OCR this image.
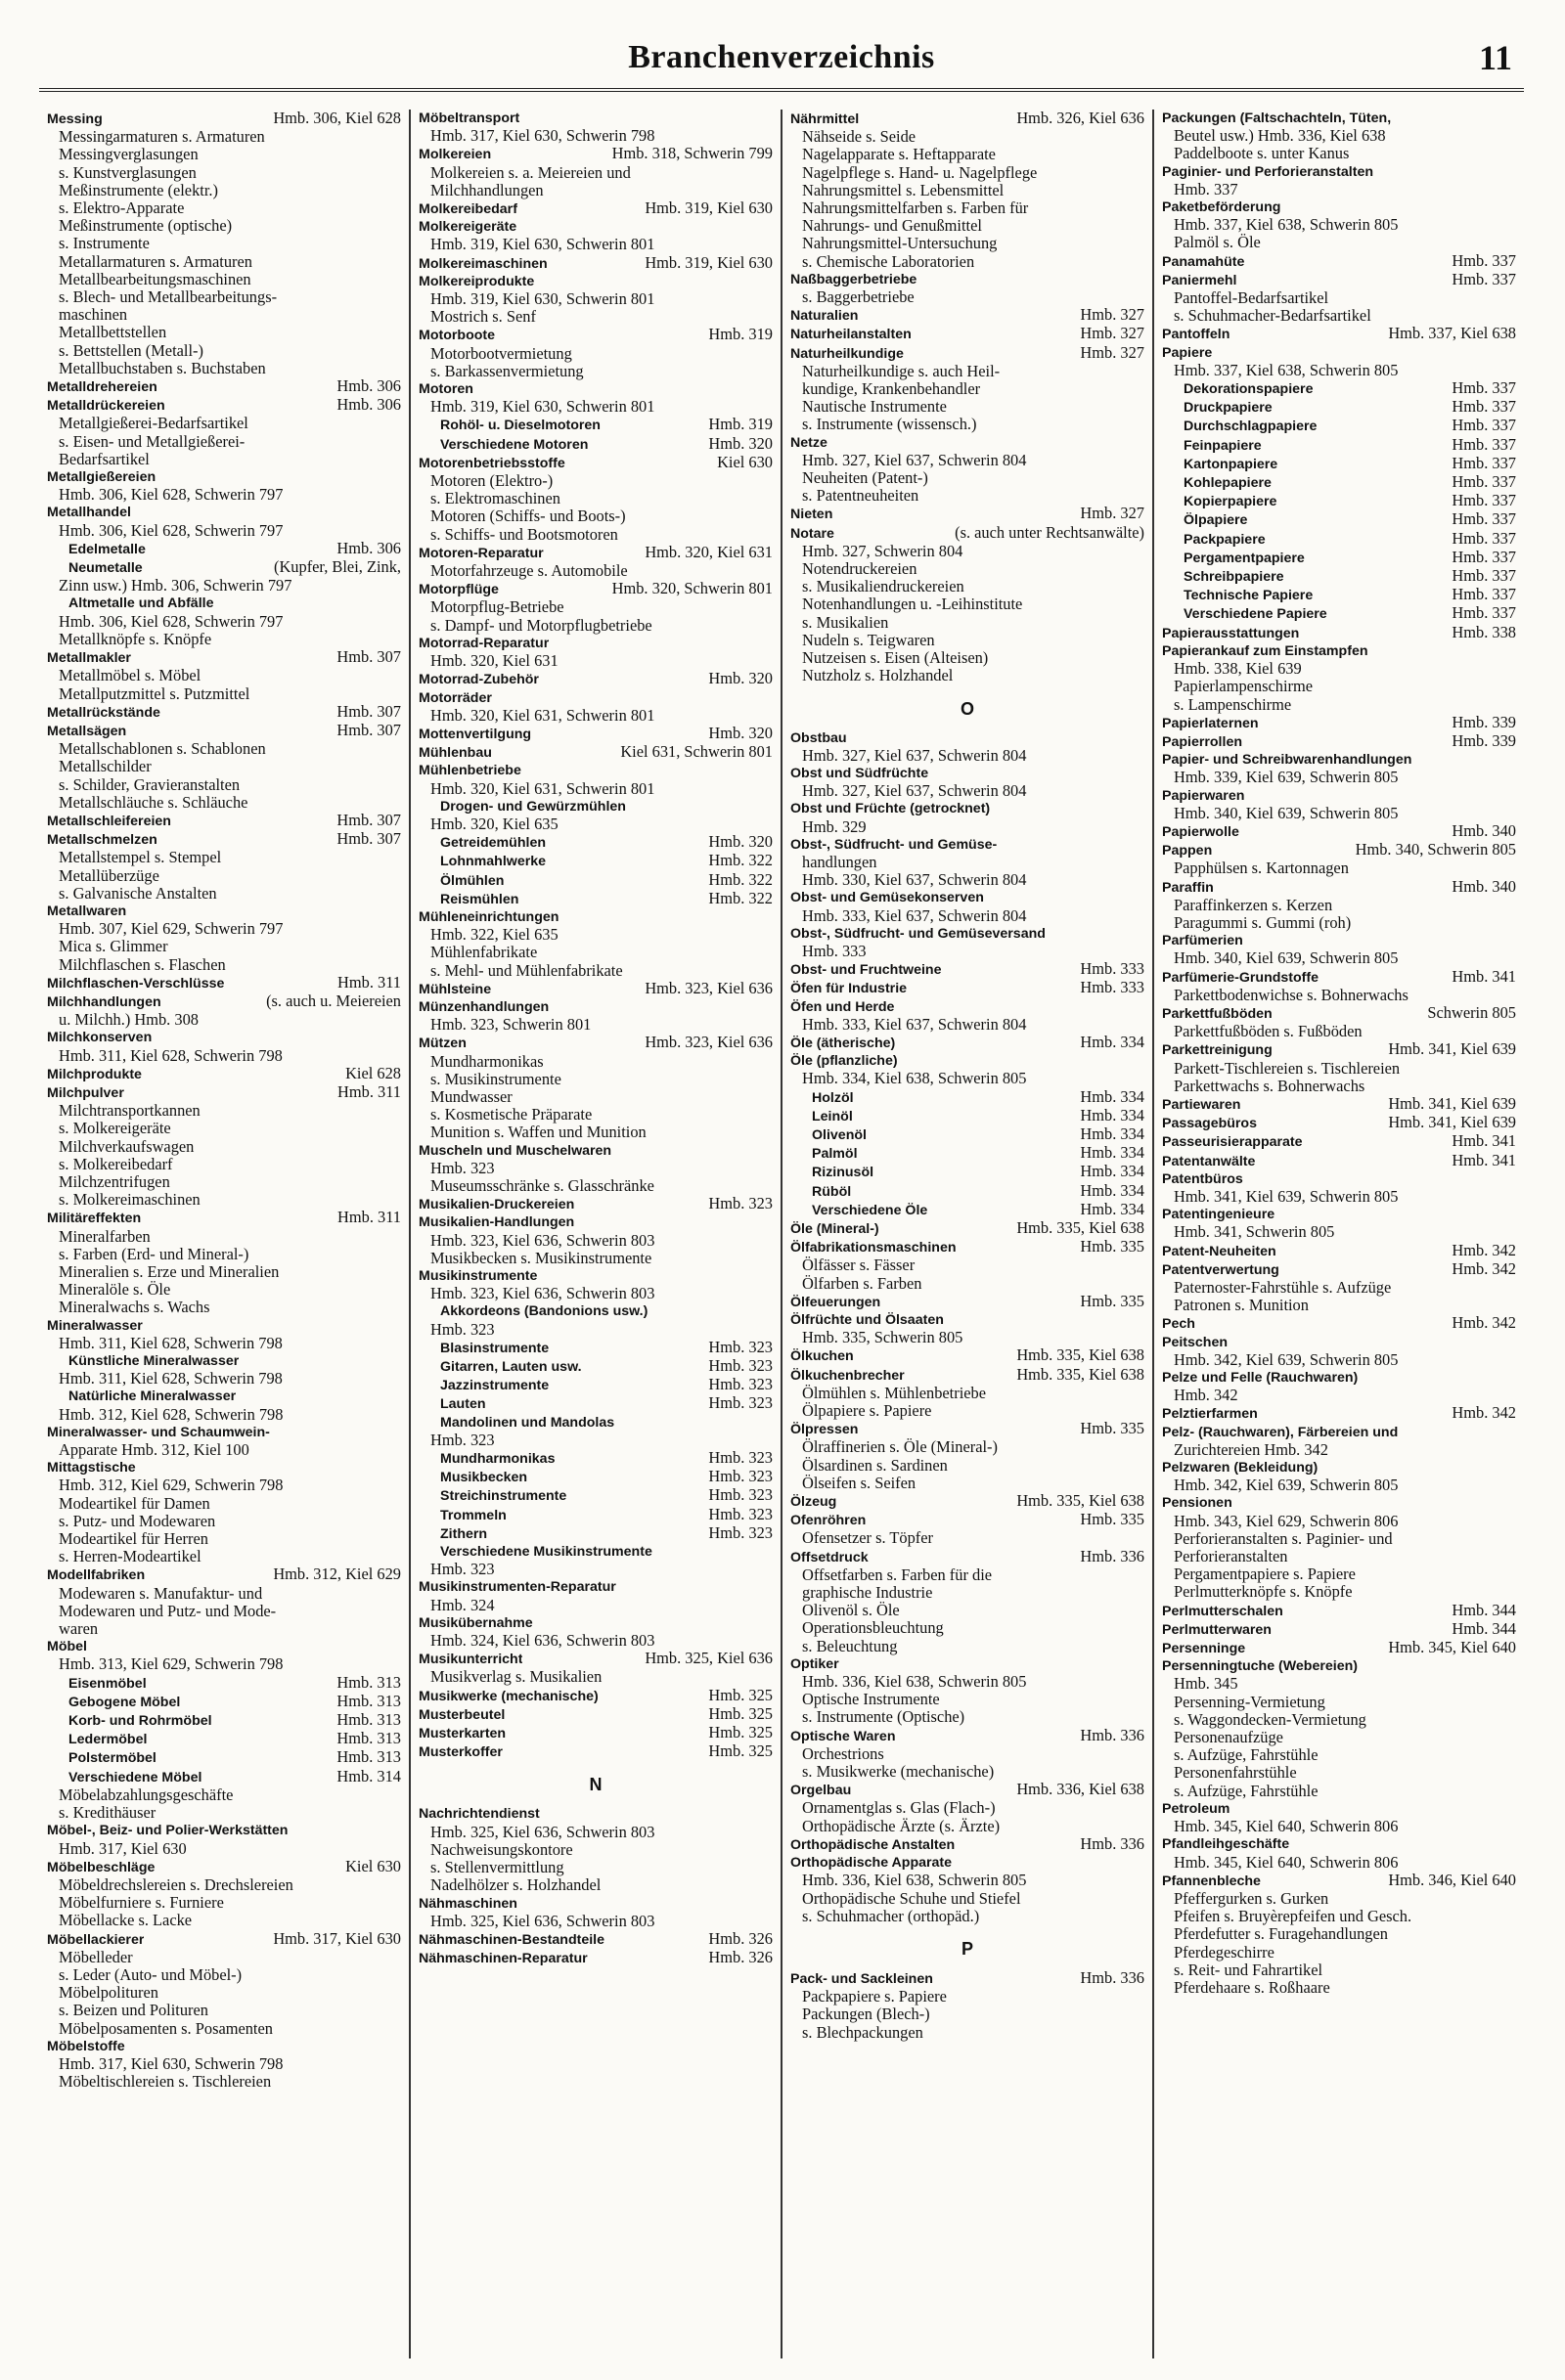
Branchenverzeichnis	11
Messing	Hmb. 306, Kiel 628
Messingarmaturen s. Armaturen
Messingverglasungen
s. Kunstverglasungen
Meßinstrumente (elektr.)
s. Elektro-Apparate
Meßinstrumente (optische)
s. Instrumente
Metallarmaturen s. Armaturen
Metallbearbeitungsmaschinen
s. Blech- und Metallbearbeitungs-
maschinen
Metallbettstellen
s. Bettstellen (Metall-)
Metallbuchstaben s. Buchstaben
Metalldrehereien	Hmb. 306
Metalldrückereien	Hmb. 306
Metallgießerei-Bedarfsartikel
s. Eisen- und Metallgießerei-
Bedarfsartikel
Metallgießereien
Hmb. 306, Kiel 628, Schwerin 797
Metallhandel
Hmb. 306, Kiel 628, Schwerin 797
Edelmetalle	Hmb. 306
Neumetalle	(Kupfer, Blei, Zink,
Zinn usw.) Hmb. 306, Schwerin 797
Altmetalle und Abfälle
Hmb. 306, Kiel 628, Schwerin 797
Metallknöpfe s. Knöpfe
Metallmakler	Hmb. 307
Metallmöbel s. Möbel
Metallputzmittel s. Putzmittel
Metallrückstände	Hmb. 307
Metallsägen	Hmb. 307
Metallschablonen s. Schablonen
Metallschilder
s. Schilder, Gravieranstalten
Metallschläuche s. Schläuche
Metallschleifereien	Hmb. 307
Metallschmelzen	Hmb. 307
Metallstempel s. Stempel
Metallüberzüge
s. Galvanische Anstalten
Metallwaren
Hmb. 307, Kiel 629, Schwerin 797
Mica s. Glimmer
Milchflaschen s. Flaschen
Milchflaschen-Verschlüsse	Hmb. 311
Milchhandlungen	(s. auch u. Meiereien
u. Milchh.) Hmb. 308
Milchkonserven
Hmb. 311, Kiel 628, Schwerin 798
Milchprodukte	Kiel 628
Milchpulver	Hmb. 311
Milchtransportkannen
s. Molkereigeräte
Milchverkaufswagen
s. Molkereibedarf
Milchzentrifugen
s. Molkereimaschinen
Militäreffekten	Hmb. 311
Mineralfarben
s. Farben (Erd- und Mineral-)
Mineralien s. Erze und Mineralien
Mineralöle s. Öle
Mineralwachs s. Wachs
Mineralwasser
Hmb. 311, Kiel 628, Schwerin 798
Künstliche Mineralwasser
Hmb. 311, Kiel 628, Schwerin 798
Natürliche Mineralwasser
Hmb. 312, Kiel 628, Schwerin 798
Mineralwasser- und Schaumwein-
Apparate Hmb. 312, Kiel 100
Mittagstische
Hmb. 312, Kiel 629, Schwerin 798
Modeartikel für Damen
s. Putz- und Modewaren
Modeartikel für Herren
s. Herren-Modeartikel
Modellfabriken	Hmb. 312, Kiel 629
Modewaren s. Manufaktur- und
Modewaren und Putz- und Mode-
waren
Möbel
Hmb. 313, Kiel 629, Schwerin 798
Eisenmöbel	Hmb. 313
Gebogene Möbel	Hmb. 313
Korb- und Rohrmöbel	Hmb. 313
Ledermöbel	Hmb. 313
Polstermöbel	Hmb. 313
Verschiedene Möbel	Hmb. 314
Möbelabzahlungsgeschäfte
s. Kredithäuser
Möbel-, Beiz- und Polier-Werkstätten
Hmb. 317, Kiel 630
Möbelbeschläge	Kiel 630
Möbeldrechslereien s. Drechslereien
Möbelfurniere s. Furniere
Möbellacke s. Lacke
Möbellackierer	Hmb. 317, Kiel 630
Möbelleder
s. Leder (Auto- und Möbel-)
Möbelpolituren
s. Beizen und Polituren
Möbelposamenten s. Posamenten
Möbelstoffe
Hmb. 317, Kiel 630, Schwerin 798
Möbeltischlereien s. Tischlereien
Möbeltransport
Hmb. 317, Kiel 630, Schwerin 798
Molkereien	Hmb. 318, Schwerin 799
Molkereien s. a. Meiereien und
Milchhandlungen
Molkereibedarf	Hmb. 319, Kiel 630
Molkereigeräte
Hmb. 319, Kiel 630, Schwerin 801
Molkereimaschinen	Hmb. 319, Kiel 630
Molkereiprodukte
Hmb. 319, Kiel 630, Schwerin 801
Mostrich s. Senf
Motorboote	Hmb. 319
Motorbootvermietung
s. Barkassenvermietung
Motoren
Hmb. 319, Kiel 630, Schwerin 801
Rohöl- u. Dieselmotoren	Hmb. 319
Verschiedene Motoren	Hmb. 320
Motorenbetriebsstoffe	Kiel 630
Motoren (Elektro-)
s. Elektromaschinen
Motoren (Schiffs- und Boots-)
s. Schiffs- und Bootsmotoren
Motoren-Reparatur	Hmb. 320, Kiel 631
Motorfahrzeuge s. Automobile
Motorpflüge	Hmb. 320, Schwerin 801
Motorpflug-Betriebe
s. Dampf- und Motorpflugbetriebe
Motorrad-Reparatur
Hmb. 320, Kiel 631
Motorrad-Zubehör	Hmb. 320
Motorräder
Hmb. 320, Kiel 631, Schwerin 801
Mottenvertilgung	Hmb. 320
Mühlenbau	Kiel 631, Schwerin 801
Mühlenbetriebe
Hmb. 320, Kiel 631, Schwerin 801
Drogen- und Gewürzmühlen
Hmb. 320, Kiel 635
Getreidemühlen	Hmb. 320
Lohnmahlwerke	Hmb. 322
Ölmühlen	Hmb. 322
Reismühlen	Hmb. 322
Mühleneinrichtungen
Hmb. 322, Kiel 635
Mühlenfabrikate
s. Mehl- und Mühlenfabrikate
Mühlsteine	Hmb. 323, Kiel 636
Münzenhandlungen
Hmb. 323, Schwerin 801
Mützen	Hmb. 323, Kiel 636
Mundharmonikas
s. Musikinstrumente
Mundwasser
s. Kosmetische Präparate
Munition s. Waffen und Munition
Muscheln und Muschelwaren
Hmb. 323
Museumsschränke s. Glasschränke
Musikalien-Druckereien	Hmb. 323
Musikalien-Handlungen
Hmb. 323, Kiel 636, Schwerin 803
Musikbecken s. Musikinstrumente
Musikinstrumente
Hmb. 323, Kiel 636, Schwerin 803
Akkordeons (Bandonions usw.)
Hmb. 323
Blasinstrumente	Hmb. 323
Gitarren, Lauten usw.	Hmb. 323
Jazzinstrumente	Hmb. 323
Lauten	Hmb. 323
Mandolinen und Mandolas
Hmb. 323
Mundharmonikas	Hmb. 323
Musikbecken	Hmb. 323
Streichinstrumente	Hmb. 323
Trommeln	Hmb. 323
Zithern	Hmb. 323
Verschiedene Musikinstrumente
Hmb. 323
Musikinstrumenten-Reparatur
Hmb. 324
Musikübernahme
Hmb. 324, Kiel 636, Schwerin 803
Musikunterricht	Hmb. 325, Kiel 636
Musikverlag s. Musikalien
Musikwerke (mechanische)	Hmb. 325
Musterbeutel	Hmb. 325
Musterkarten	Hmb. 325
Musterkoffer	Hmb. 325
N
Nachrichtendienst
Hmb. 325, Kiel 636, Schwerin 803
Nachweisungskontore
s. Stellenvermittlung
Nadelhölzer s. Holzhandel
Nähmaschinen
Hmb. 325, Kiel 636, Schwerin 803
Nähmaschinen-Bestandteile	Hmb. 326
Nähmaschinen-Reparatur	Hmb. 326
Nährmittel	Hmb. 326, Kiel 636
Nähseide s. Seide
Nagelapparate s. Heftapparate
Nagelpflege s. Hand- u. Nagelpflege
Nahrungsmittel s. Lebensmittel
Nahrungsmittelfarben s. Farben für
Nahrungs- und Genußmittel
Nahrungsmittel-Untersuchung
s. Chemische Laboratorien
Naßbaggerbetriebe
s. Baggerbetriebe
Naturalien	Hmb. 327
Naturheilanstalten	Hmb. 327
Naturheilkundige	Hmb. 327
Naturheilkundige s. auch Heil-
kundige, Krankenbehandler
Nautische Instrumente
s. Instrumente (wissensch.)
Netze
Hmb. 327, Kiel 637, Schwerin 804
Neuheiten (Patent-)
s. Patentneuheiten
Nieten	Hmb. 327
Notare	(s. auch unter Rechtsanwälte)
Hmb. 327, Schwerin 804
Notendruckereien
s. Musikaliendruckereien
Notenhandlungen u. -Leihinstitute
s. Musikalien
Nudeln s. Teigwaren
Nutzeisen s. Eisen (Alteisen)
Nutzholz s. Holzhandel
O
Obstbau
Hmb. 327, Kiel 637, Schwerin 804
Obst und Südfrüchte
Hmb. 327, Kiel 637, Schwerin 804
Obst und Früchte (getrocknet)
Hmb. 329
Obst-, Südfrucht- und Gemüse-
handlungen
Hmb. 330, Kiel 637, Schwerin 804
Obst- und Gemüsekonserven
Hmb. 333, Kiel 637, Schwerin 804
Obst-, Südfrucht- und Gemüseversand
Hmb. 333
Obst- und Fruchtweine	Hmb. 333
Öfen für Industrie	Hmb. 333
Öfen und Herde
Hmb. 333, Kiel 637, Schwerin 804
Öle (ätherische)	Hmb. 334
Öle (pflanzliche)
Hmb. 334, Kiel 638, Schwerin 805
Holzöl	Hmb. 334
Leinöl	Hmb. 334
Olivenöl	Hmb. 334
Palmöl	Hmb. 334
Rizinusöl	Hmb. 334
Rüböl	Hmb. 334
Verschiedene Öle	Hmb. 334
Öle (Mineral-)	Hmb. 335, Kiel 638
Ölfabrikationsmaschinen	Hmb. 335
Ölfässer s. Fässer
Ölfarben s. Farben
Ölfeuerungen	Hmb. 335
Ölfrüchte und Ölsaaten
Hmb. 335, Schwerin 805
Ölkuchen	Hmb. 335, Kiel 638
Ölkuchenbrecher	Hmb. 335, Kiel 638
Ölmühlen s. Mühlenbetriebe
Ölpapiere s. Papiere
Ölpressen	Hmb. 335
Ölraffinerien s. Öle (Mineral-)
Ölsardinen s. Sardinen
Ölseifen s. Seifen
Ölzeug	Hmb. 335, Kiel 638
Ofenröhren	Hmb. 335
Ofensetzer s. Töpfer
Offsetdruck	Hmb. 336
Offsetfarben s. Farben für die
graphische Industrie
Olivenöl s. Öle
Operationsbleuchtung
s. Beleuchtung
Optiker
Hmb. 336, Kiel 638, Schwerin 805
Optische Instrumente
s. Instrumente (Optische)
Optische Waren	Hmb. 336
Orchestrions
s. Musikwerke (mechanische)
Orgelbau	Hmb. 336, Kiel 638
Ornamentglas s. Glas (Flach-)
Orthopädische Ärzte (s. Ärzte)
Orthopädische Anstalten	Hmb. 336
Orthopädische Apparate
Hmb. 336, Kiel 638, Schwerin 805
Orthopädische Schuhe und Stiefel
s. Schuhmacher (orthopäd.)
P
Pack- und Sackleinen	Hmb. 336
Packpapiere s. Papiere
Packungen (Blech-)
s. Blechpackungen
Packungen (Faltschachteln, Tüten,
Beutel usw.) Hmb. 336, Kiel 638
Paddelboote s. unter Kanus
Paginier- und Perforieranstalten
Hmb. 337
Paketbeförderung
Hmb. 337, Kiel 638, Schwerin 805
Palmöl s. Öle
Panamahüte	Hmb. 337
Paniermehl	Hmb. 337
Pantoffel-Bedarfsartikel
s. Schuhmacher-Bedarfsartikel
Pantoffeln	Hmb. 337, Kiel 638
Papiere
Hmb. 337, Kiel 638, Schwerin 805
Dekorationspapiere	Hmb. 337
Druckpapiere	Hmb. 337
Durchschlagpapiere	Hmb. 337
Feinpapiere	Hmb. 337
Kartonpapiere	Hmb. 337
Kohlepapiere	Hmb. 337
Kopierpapiere	Hmb. 337
Ölpapiere	Hmb. 337
Packpapiere	Hmb. 337
Pergamentpapiere	Hmb. 337
Schreibpapiere	Hmb. 337
Technische Papiere	Hmb. 337
Verschiedene Papiere	Hmb. 337
Papierausstattungen	Hmb. 338
Papierankauf zum Einstampfen
Hmb. 338, Kiel 639
Papierlampenschirme
s. Lampenschirme
Papierlaternen	Hmb. 339
Papierrollen	Hmb. 339
Papier- und Schreibwarenhandlungen
Hmb. 339, Kiel 639, Schwerin 805
Papierwaren
Hmb. 340, Kiel 639, Schwerin 805
Papierwolle	Hmb. 340
Pappen	Hmb. 340, Schwerin 805
Papphülsen s. Kartonnagen
Paraffin	Hmb. 340
Paraffinkerzen s. Kerzen
Paragummi s. Gummi (roh)
Parfümerien
Hmb. 340, Kiel 639, Schwerin 805
Parfümerie-Grundstoffe	Hmb. 341
Parkettbodenwichse s. Bohnerwachs
Parkettfußböden	Schwerin 805
Parkettfußböden s. Fußböden
Parkettreinigung	Hmb. 341, Kiel 639
Parkett-Tischlereien s. Tischlereien
Parkettwachs s. Bohnerwachs
Partiewaren	Hmb. 341, Kiel 639
Passagebüros	Hmb. 341, Kiel 639
Passeurisierapparate	Hmb. 341
Patentanwälte	Hmb. 341
Patentbüros
Hmb. 341, Kiel 639, Schwerin 805
Patentingenieure
Hmb. 341, Schwerin 805
Patent-Neuheiten	Hmb. 342
Patentverwertung	Hmb. 342
Paternoster-Fahrstühle s. Aufzüge
Patronen s. Munition
Pech	Hmb. 342
Peitschen
Hmb. 342, Kiel 639, Schwerin 805
Pelze und Felle (Rauchwaren)
Hmb. 342
Pelztierfarmen	Hmb. 342
Pelz- (Rauchwaren), Färbereien und
Zurichtereien Hmb. 342
Pelzwaren (Bekleidung)
Hmb. 342, Kiel 639, Schwerin 805
Pensionen
Hmb. 343, Kiel 629, Schwerin 806
Perforieranstalten s. Paginier- und
Perforieranstalten
Pergamentpapiere s. Papiere
Perlmutterknöpfe s. Knöpfe
Perlmutterschalen	Hmb. 344
Perlmutterwaren	Hmb. 344
Persenninge	Hmb. 345, Kiel 640
Persenningtuche (Webereien)
Hmb. 345
Persenning-Vermietung
s. Waggondecken-Vermietung
Personenaufzüge
s. Aufzüge, Fahrstühle
Personenfahrstühle
s. Aufzüge, Fahrstühle
Petroleum
Hmb. 345, Kiel 640, Schwerin 806
Pfandleihgeschäfte
Hmb. 345, Kiel 640, Schwerin 806
Pfannenbleche	Hmb. 346, Kiel 640
Pfeffergurken s. Gurken
Pfeifen s. Bruyèrepfeifen und Gesch.
Pferdefutter s. Furagehandlungen
Pferdegeschirre
s. Reit- und Fahrartikel
Pferdehaare s. Roßhaare
